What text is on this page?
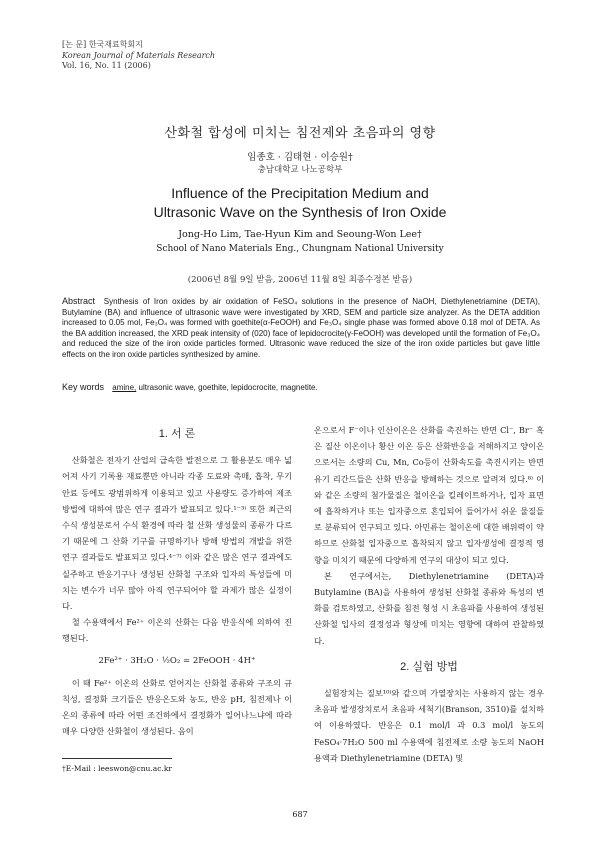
[논 문] 한국재료학회지
Korean Journal of Materials Research
Vol. 16, No. 11 (2006)
산화철 합성에 미치는 침전제와 초음파의 영향
임종호 · 김태현 · 이승원†
충남대학교 나노공학부
Influence of the Precipitation Medium and
Ultrasonic Wave on the Synthesis of Iron Oxide
Jong-Ho Lim, Tae-Hyun Kim and Seoung-Won Lee†
School of Nano Materials Eng., Chungnam National University
(2006년 8월 9일 받음, 2006년 11월 8일 최종수정본 받음)
Abstract Synthesis of Iron oxides by air oxidation of FeSO₄ solutions in the presence of NaOH, Diethylenetriamine (DETA), Butylamine (BA) and influence of ultrasonic wave were investigated by XRD, SEM and particle size analyzer. As the DETA addition increased to 0.05 mol, Fe₃O₄ was formed with goethite(α-FeOOH) and Fe₃O₄ single phase was formed above 0.18 mol of DETA. As the BA addition increased, the XRD peak intensity of (020) face of lepidocrocite(γ-FeOOH) was developed until the formation of Fe₃O₄ and reduced the size of the iron oxide particles formed. Ultrasonic wave reduced the size of the iron oxide particles but gave little effects on the iron oxide particles synthesized by amine.
Key words amine, ultrasonic wave, goethite, lepidocrocite, magnetite.
1. 서 론

산화철은 전자기 산업의 급속한 발전으로 그 활용분도 매우 넓어져 사기 기록용 재료뿐만 아니라 각종 도료와 촉매, 흡착, 무기안료 등에도 광범위하게 이용되고 있고 사용량도 증가하여 제조방법에 대하여 많은 연구 결과가 발표되고 있다.¹⁻³⁾ 또한 최근의 수식 생성분로서 수식 환경에 따라 철 산화 생성물의 종류가 다르기 때문에 그 산화 기구를 규명하기나 방해 방법의 개발을 위한 연구 결과들도 발표되고 있다.⁴⁻⁷⁾ 이와 같은 많은 연구 결과에도 실주하고 반응기구나 생성된 산화철 구조와 입자의 특성들에 미치는 변수가 너무 많아 아직 연구되어야 할 과제가 많은 실정이다.

철 수용액에서 Fe²⁺ 이온의 산화는 다음 반응식에 의하여 진행된다.

2Fe²⁺ · 3H₂O · ½O₂ = 2FeOOH · 4H⁺

이 때 Fe²⁺ 이온의 산화로 얻어지는 산화철 종류와 구조의 규칙성, 결정화 크기들은 반응온도와 농도, 반응 pH, 침전제나 이온의 종류에 따라 어떤 조건하에서 결정화가 일어나느냐에 따라 매우 다양한 산화철이 생성된다. 음이

온으로서 F⁻이나 인산이온은 산화를 촉진하는 반면 Cl⁻, Br⁻ 혹은 질산 이온이나 황산 이온 등은 산화반응을 저해하지고 양이온으로서는 소량의 Cu, Mn, Co등이 산화속도를 촉진시키는 반면 유기 리간드들은 산화 반응을 방해하는 것으로 알려져 있다.⁸⁾ 이와 같은 소량의 첨가물질은 철이온을 킬레이트하거나, 입자 표면에 흡착하거나 또는 입자중으로 혼입되어 들어가서 쉬운 물질들로 분류되어 연구되고 있다. 아민류는 철이온에 대한 배위력이 약하므로 산화철 입자중으로 흡착되지 않고 입자생성에 결정적 영향을 미치기 때문에 다양하게 연구의 대상이 되고 있다.

본 연구에서는, Diethylenetriamine (DETA)과 Butylamine (BA)을 사용하여 생성된 산화철 종류와 특성의 변화를 검토하였고, 산화를 침전 형성 시 초음파를 사용하여 생성된 산화철 입사의 결정성과 형상에 미치는 영향에 대하여 관찰하였다.

2. 실험 방법

실험장치는 질보¹⁰⁾와 같으며 가열장치는 사용하지 않는 경우 초음파 발생장치로서 초음파 세척기(Branson, 3510)를 설치하여 이용하였다. 반응은 0.1 mol/l 과 0.3 mol/l 농도의 FeSO₄·7H₂O 500 ml 수용액에 침전제로 소량 농도의 NaOH 용액과 Diethylenetriamine (DETA) 및

†E-Mail : leeswon@cnu.ac.kr
687
